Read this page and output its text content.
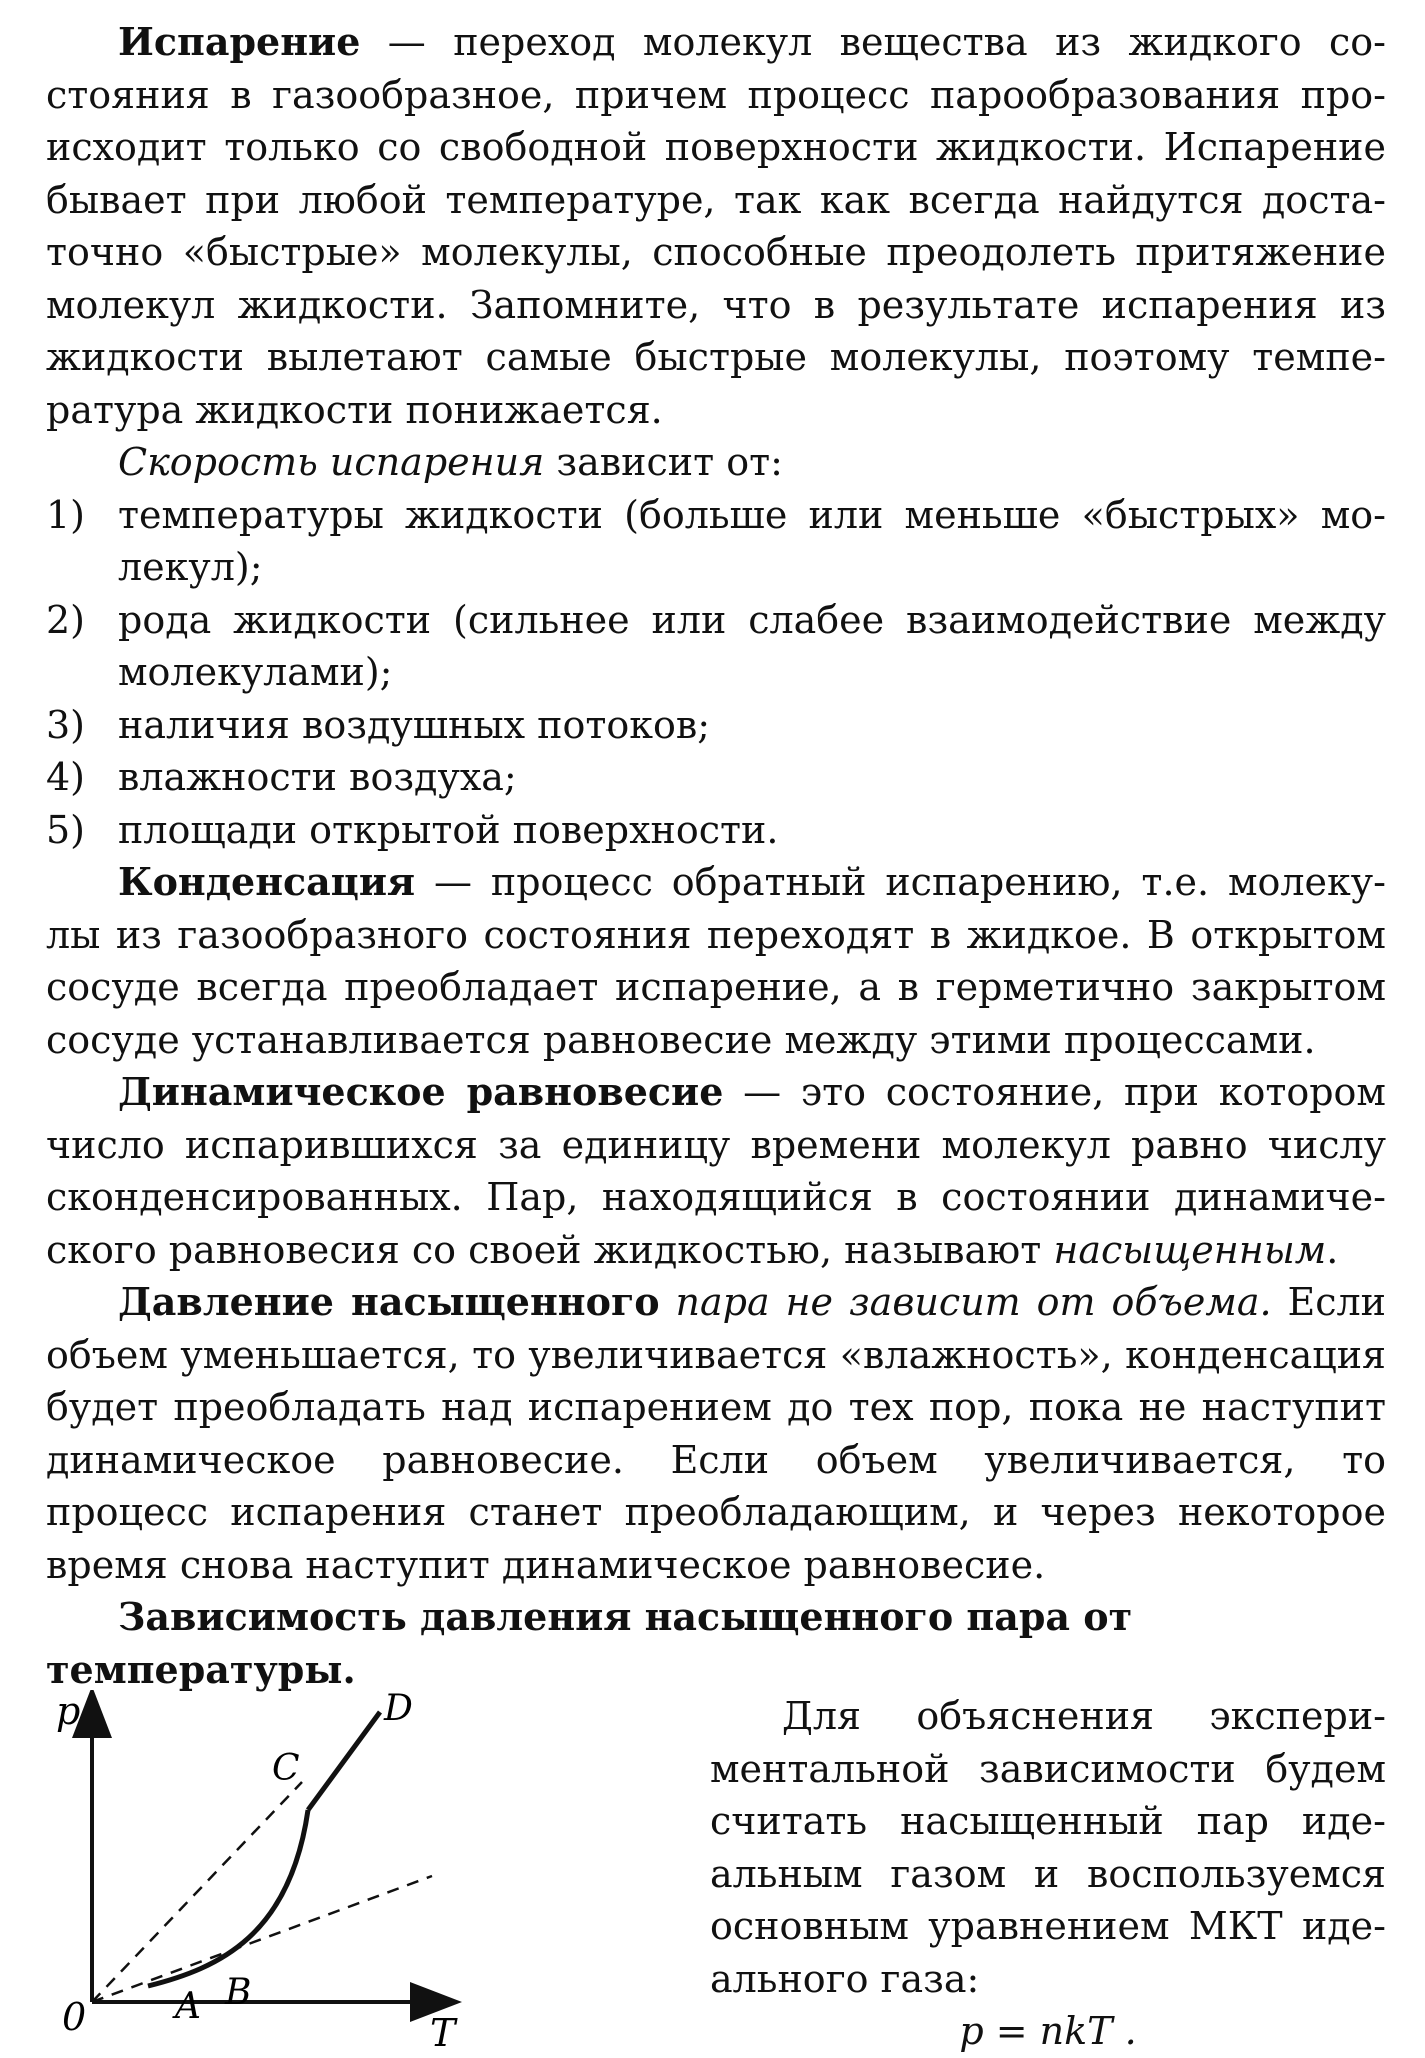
Испарение — переход молекул вещества из жидкого состояния в газообразное, причем процесс парообразования происходит только со свободной поверхности жидкости. Испарение бывает при любой температуре, так как всегда найдутся достаточно «быстрые» молекулы, способные преодолеть притяжение молекул жидкости. Запомните, что в результате испарения из жидкости вылетают самые быстрые молекулы, поэтому температура жидкости понижается.

Скорость испарения зависит от:

1) температуры жидкости (больше или меньше «быстрых» молекул);
2) рода жидкости (сильнее или слабее взаимодействие между молекулами);
3) наличия воздушных потоков;
4) влажности воздуха;
5) площади открытой поверхности.

Конденсация — процесс обратный испарению, т.е. молекулы из газообразного состояния переходят в жидкое. В открытом сосуде всегда преобладает испарение, а в герметично закрытом сосуде устанавливается равновесие между этими процессами.

Динамическое равновесие — это состояние, при котором число испарившихся за единицу времени молекул равно числу сконденсированных. Пар, находящийся в состоянии динамического равновесия со своей жидкостью, называют насыщенным.

Давление насыщенного пара не зависит от объема. Если объем уменьшается, то увеличивается «влажность», конденсация будет преобладать над испарением до тех пор, пока не наступит динамическое равновесие. Если объем увеличивается, то процесс испарения станет преобладающим, и через некоторое время снова наступит динамическое равновесие.

Зависимость давления насыщенного пара от температуры.

p
T
0 A B
C
D	Для объяснения экспериментальной зависимости будем считать насыщенный пар идеальным газом и воспользуемся основным уравнением МКТ идеального газа:

p = nkT .
